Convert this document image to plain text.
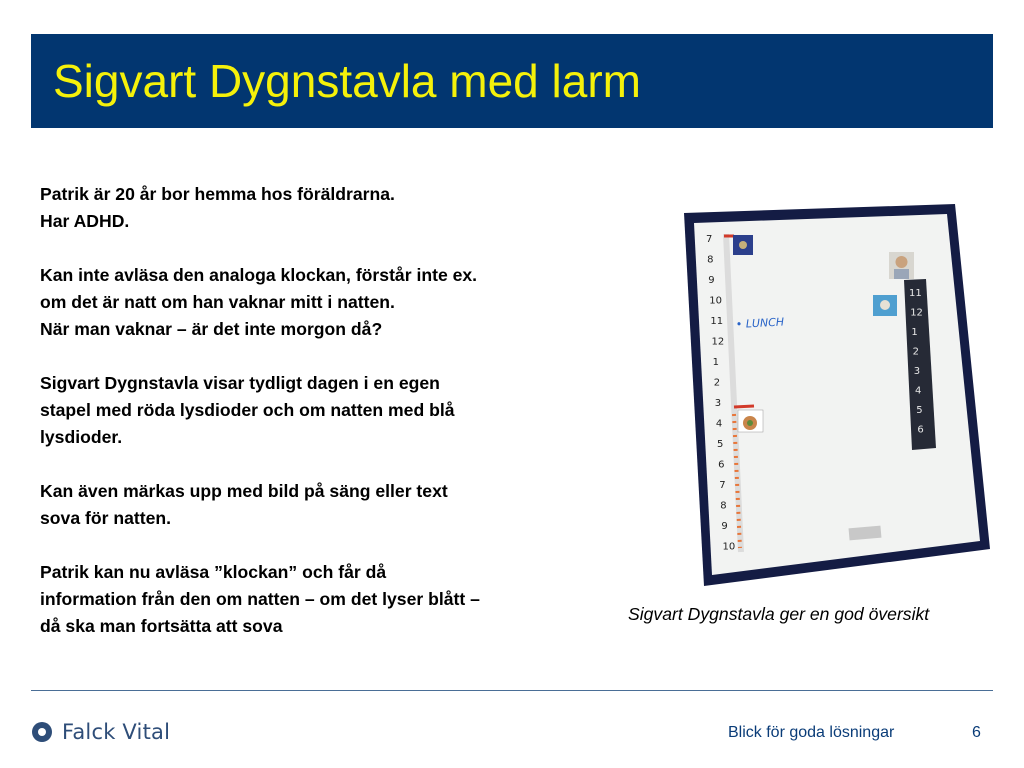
Sigvart Dygnstavla med larm

Patrik är 20 år bor hemma hos föräldrarna.
Har ADHD.

Kan inte avläsa den analoga klockan, förstår inte ex.
om det är natt om han vaknar mitt i natten.
När man vaknar – är det inte morgon då?

Sigvart Dygnstavla visar tydligt dagen i en egen
stapel med röda lysdioder och om natten med blå
lysdioder.

Kan även märkas upp med bild på säng eller text
sova för natten.

Patrik kan nu avläsa ”klockan” och får då
information från den om natten – om det lyser blått –
då ska man fortsätta att sova

7
8
9
10
11
12
1
2
3
4
5
6
7
8
9
10
• LUNCH
11
12
1
2
3
4
5
6
Sigvart Dygnstavla ger en god översikt
Falck Vital	Blick för goda lösningar	6
